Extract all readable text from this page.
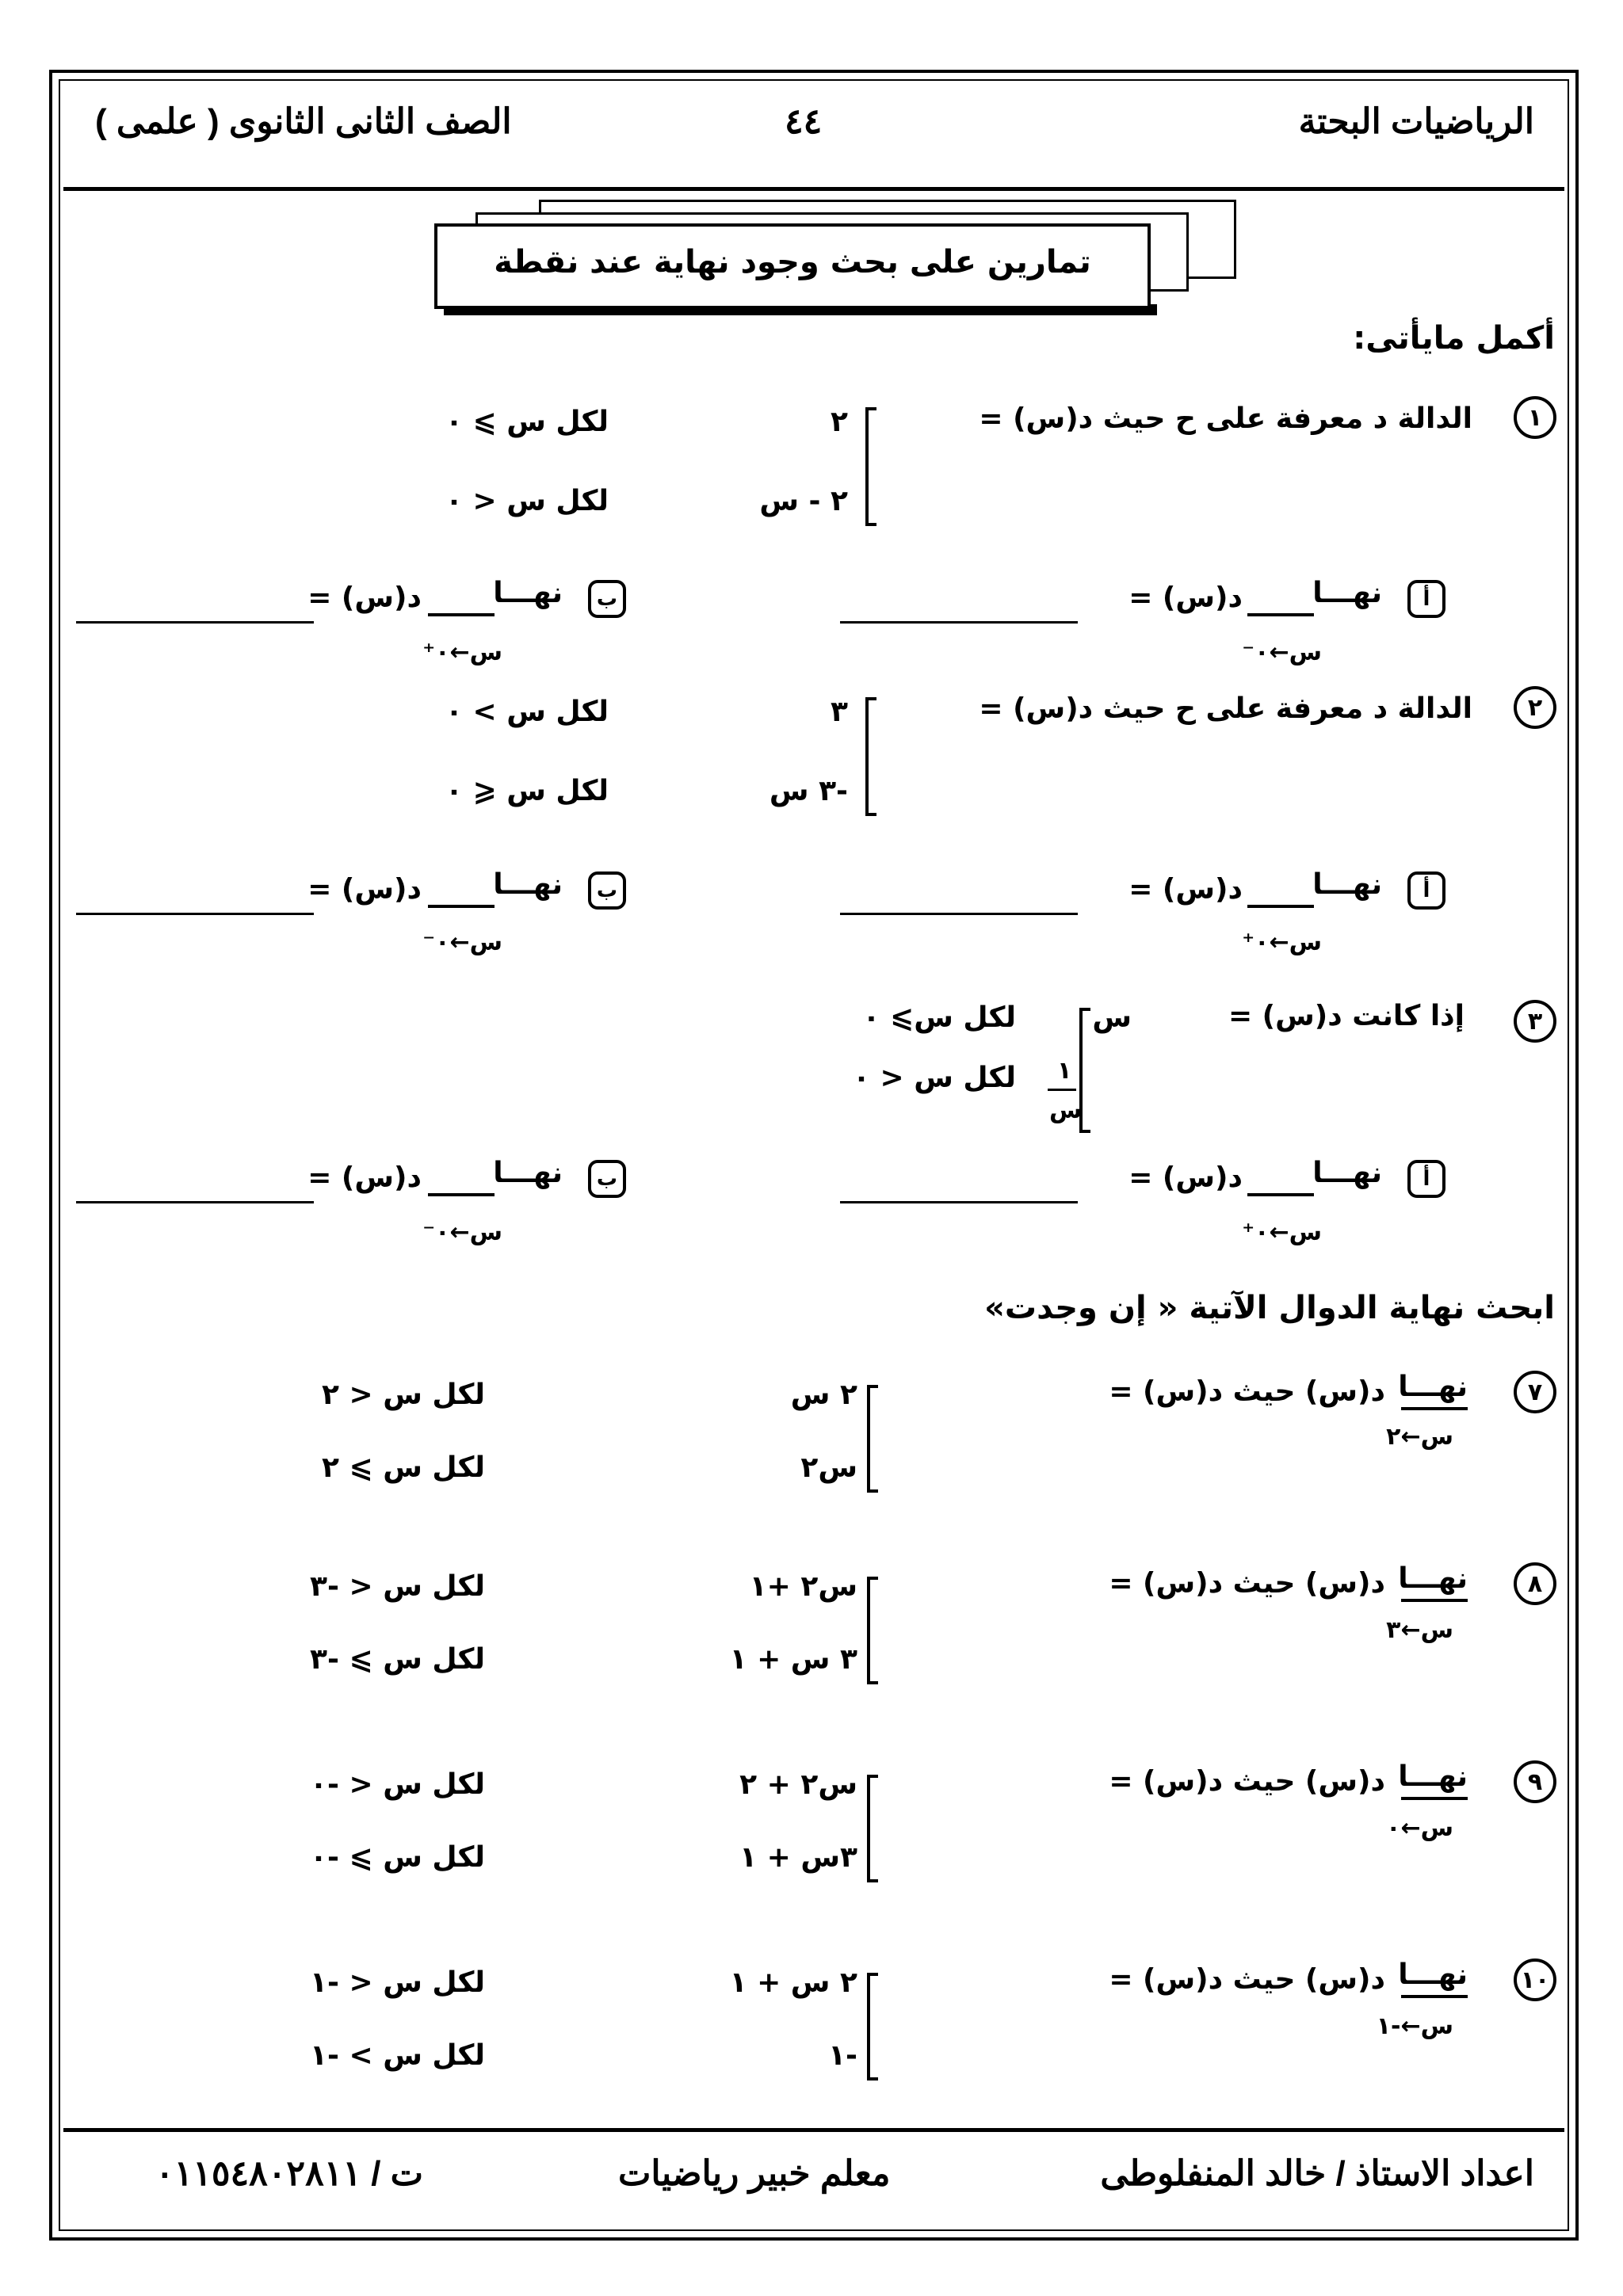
الصف الثانى الثانوى ( علمى )	٤٤	الرياضيات البحتة
تمارين على بحث وجود نهاية عند نقطة
أكمل مايأتى:
١
الدالة د معرفة على ح حيث د(س) =
٢
٢ - س
لكل س ⩾ ٠
لكل س < ٠
أ
نهـــا
س←٠⁻
د(س) =
ب
نهـــا
س←٠⁺
د(س) =
٢
الدالة د معرفة على ح حيث د(س) =
٣
-٣ س
لكل س > ٠
لكل س ⩽ ٠
أ
نهـــا
س←٠⁺
د(س) =
ب
نهـــا
س←٠⁻
د(س) =
٣
إذا كانت د(س) =
س
لكل س⩾ ٠
١
س
لكل س < ٠
أ
نهـــا
س←٠⁺
د(س) =
ب
نهـــا
س←٠⁻
د(س) =
ابحث نهاية الدوال الآتية « إن وجدت»
٧
نهـــا
س←٢
د(س) حيث د(س) =
٢ س
س٢
لكل س < ٢
لكل س ⩾ ٢
٨
نهـــا
س←٣
د(س) حيث د(س) =
س٢ +١
٣ س + ١
لكل س < -٣
لكل س ⩾ -٣
٩
نهـــا
س←٠
د(س) حيث د(س) =
س٢ + ٢
٣س + ١
لكل س < -٠
لكل س ⩾ -٠
١٠
نهـــا
س←-١
د(س) حيث د(س) =
٢ س + ١
-١
لكل س < -١
لكل س > -١
اعداد الاستاذ / خالد المنفلوطى
معلم خبير رياضيات
ت / ٠١١٥٤٨٠٢٨١١
